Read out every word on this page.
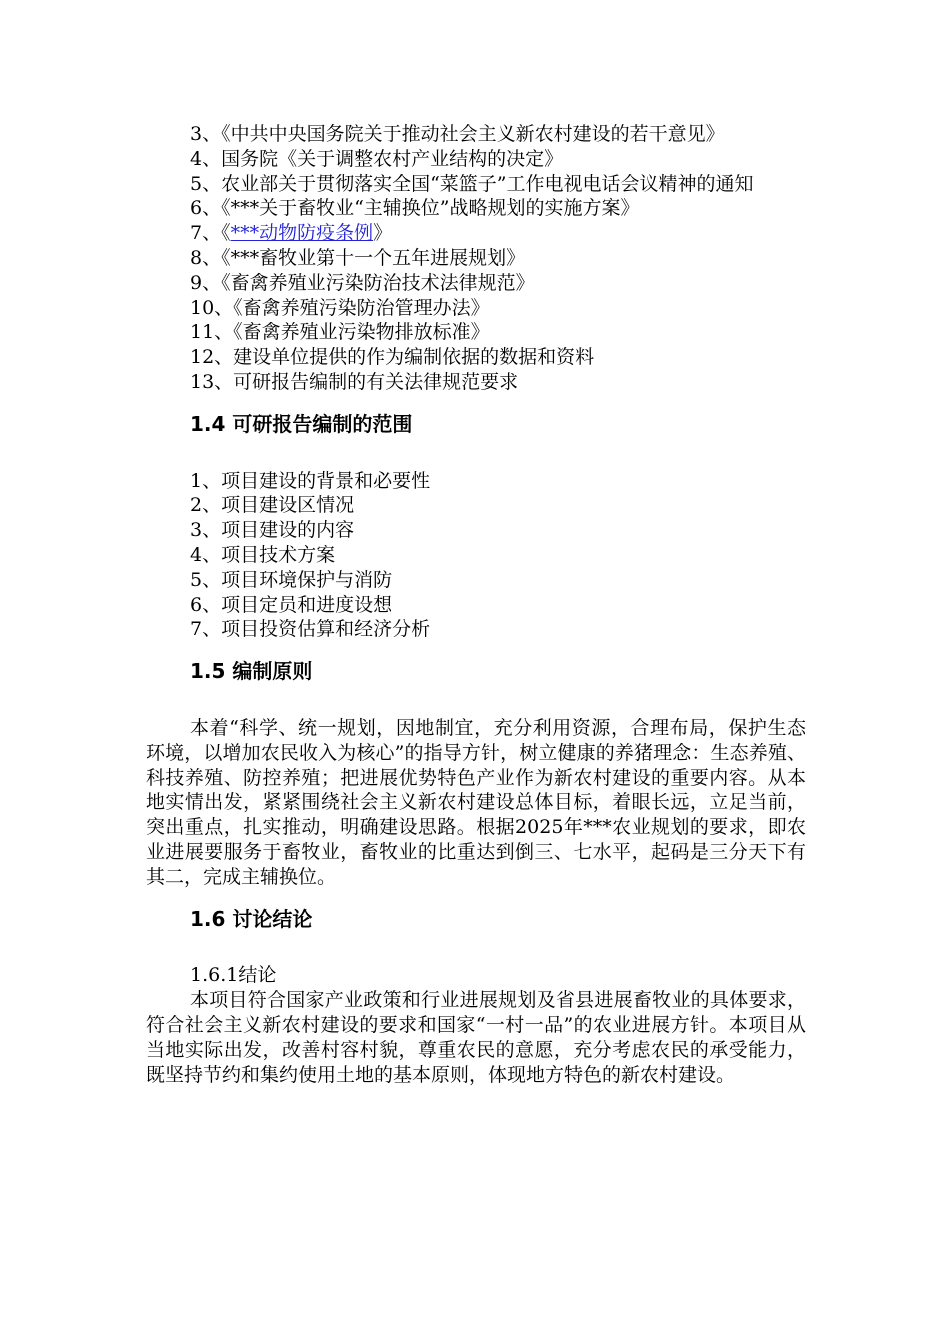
3、《中共中央国务院关于推动社会主义新农村建设的若干意见》

4、国务院《关于调整农村产业结构的决定》

5、农业部关于贯彻落实全国“菜篮子”工作电视电话会议精神的通知

6、《***关于畜牧业“主辅换位”战略规划的实施方案》

7、《***动物防疫条例》

8、《***畜牧业第十一个五年进展规划》

9、《畜禽养殖业污染防治技术法律规范》

10、《畜禽养殖污染防治管理办法》

11、《畜禽养殖业污染物排放标准》

12、建设单位提供的作为编制依据的数据和资料

13、可研报告编制的有关法律规范要求

1.4 可研报告编制的范围

1、项目建设的背景和必要性

2、项目建设区情况

3、项目建设的内容

4、项目技术方案

5、项目环境保护与消防

6、项目定员和进度设想

7、项目投资估算和经济分析

1.5 编制原则

本着“科学、统一规划，因地制宜，充分利用资源，合理布局，保护生态环境，以增加农民收入为核心”的指导方针，树立健康的养猪理念：生态养殖、科技养殖、防控养殖；把进展优势特色产业作为新农村建设的重要内容。从本地实情出发，紧紧围绕社会主义新农村建设总体目标，着眼长远，立足当前，突出重点，扎实推动，明确建设思路。根据2025年***农业规划的要求，即农业进展要服务于畜牧业，畜牧业的比重达到倒三、七水平，起码是三分天下有其二，完成主辅换位。

1.6 讨论结论

1.6.1结论

本项目符合国家产业政策和行业进展规划及省县进展畜牧业的具体要求，符合社会主义新农村建设的要求和国家“一村一品”的农业进展方针。本项目从当地实际出发，改善村容村貌，尊重农民的意愿，充分考虑农民的承受能力，既坚持节约和集约使用土地的基本原则，体现地方特色的新农村建设。
